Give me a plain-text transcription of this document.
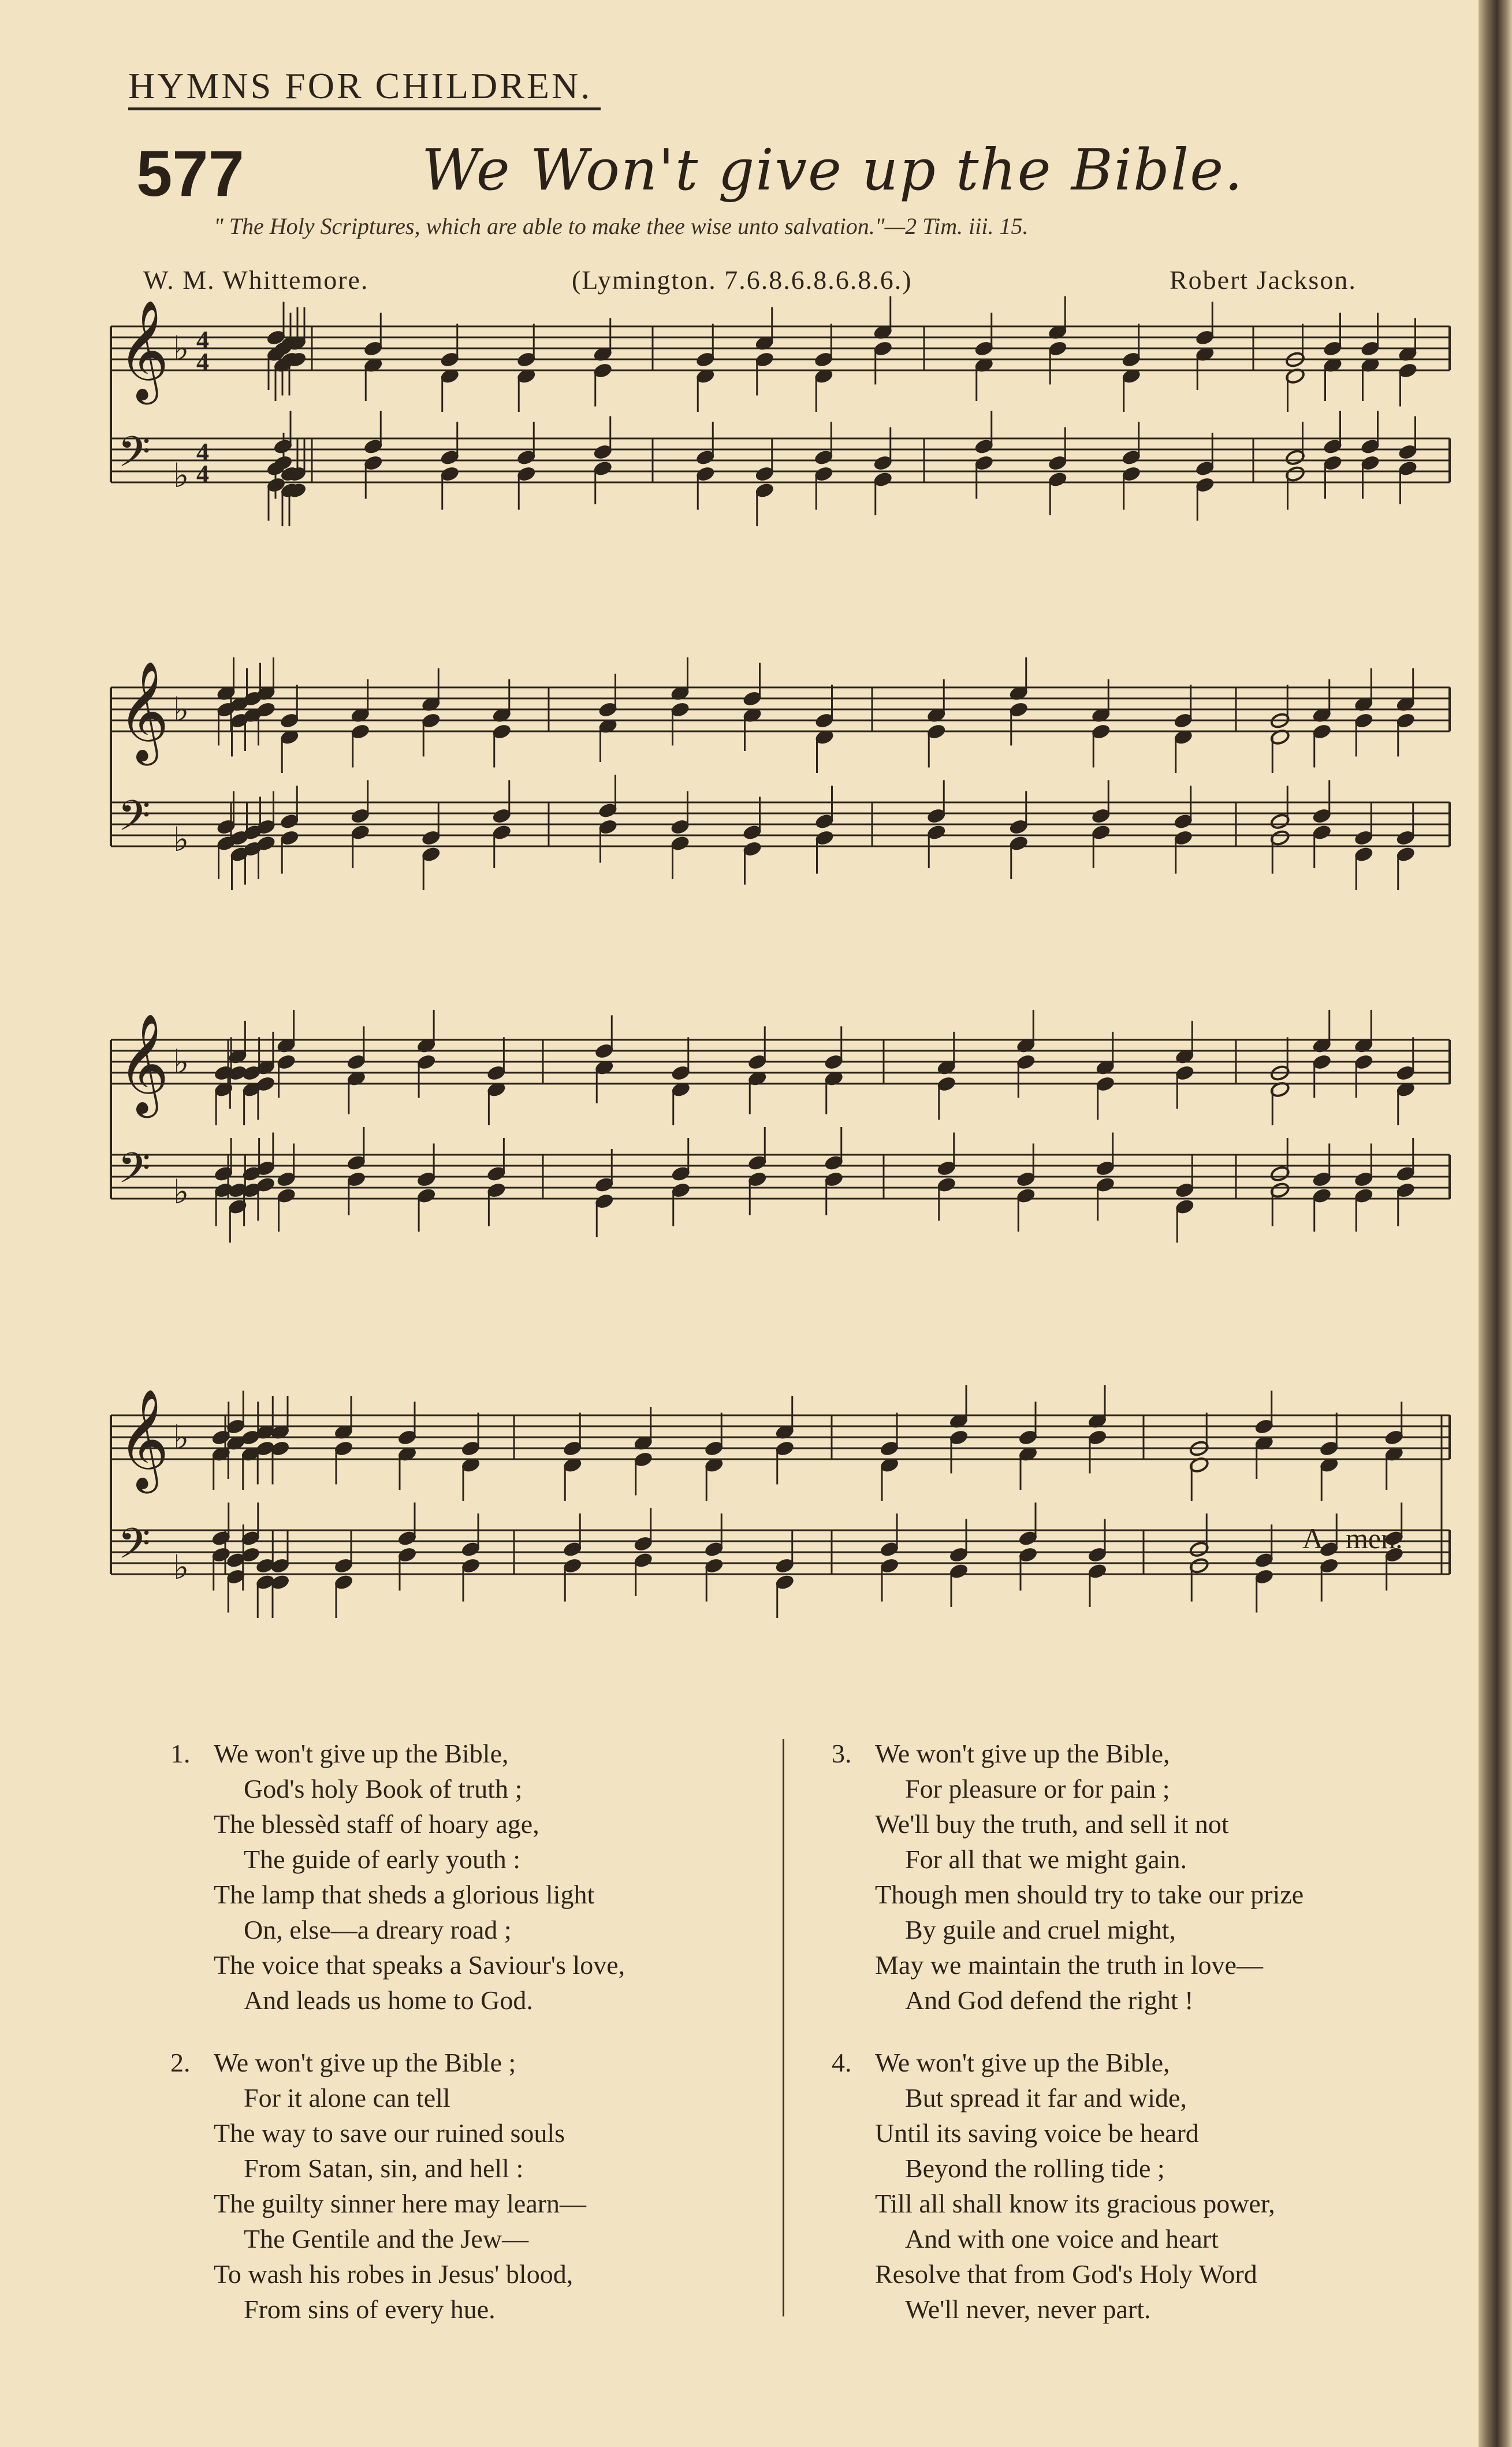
HYMNS FOR CHILDREN.
577	We Won't give up the Bible.
" The Holy Scriptures, which are able to make thee wise unto salvation."—2 Tim. iii. 15.
W. M. Whittemore.	(Lymington. 7.6.8.6.8.6.8.6.)	Robert Jackson.
𝄞
𝄢
♭
♭
4
4
4
4
𝄞
𝄢
♭
♭
𝄞
𝄢
♭
♭
𝄞
𝄢
♭
♭
A - men.
1. We won't give up the Bible,
God's holy Book of truth ;
The blessèd staff of hoary age,
The guide of early youth :
The lamp that sheds a glorious light
On, else—a dreary road ;
The voice that speaks a Saviour's love,
And leads us home to God.
2. We won't give up the Bible ;
For it alone can tell
The way to save our ruined souls
From Satan, sin, and hell :
The guilty sinner here may learn—
The Gentile and the Jew—
To wash his robes in Jesus' blood,
From sins of every hue.
3. We won't give up the Bible,
For pleasure or for pain ;
We'll buy the truth, and sell it not
For all that we might gain.
Though men should try to take our prize
By guile and cruel might,
May we maintain the truth in love—
And God defend the right !
4. We won't give up the Bible,
But spread it far and wide,
Until its saving voice be heard
Beyond the rolling tide ;
Till all shall know its gracious power,
And with one voice and heart
Resolve that from God's Holy Word
We'll never, never part.
